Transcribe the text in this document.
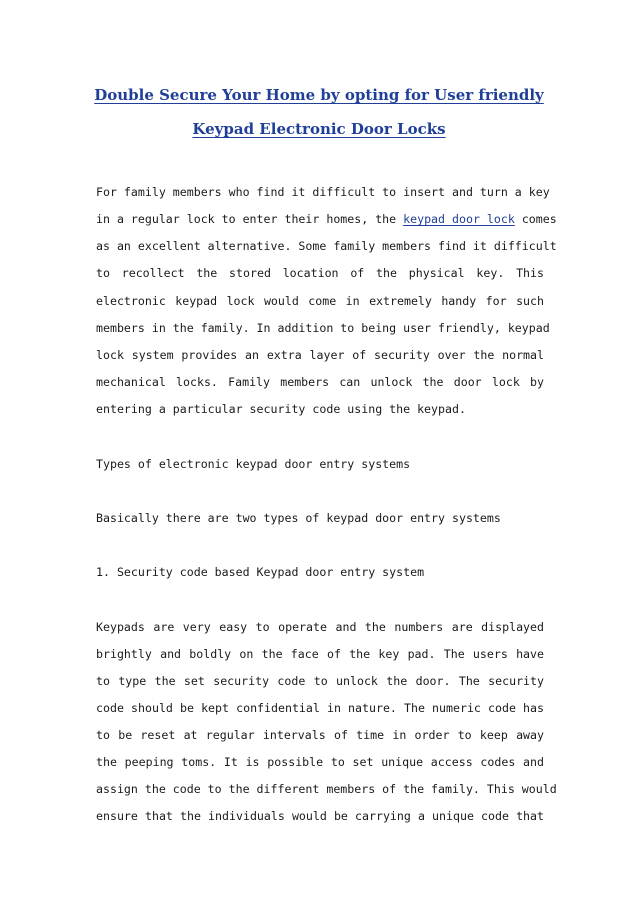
Double Secure Your Home by opting for User friendly
Keypad Electronic Door Locks
For family members who find it difficult to insert and turn a key
in a regular lock to enter their homes, the keypad door lock comes
as an excellent alternative. Some family members find it difficult
to recollect the stored location of the physical key. This
electronic keypad lock would come in extremely handy for such
members in the family. In addition to being user friendly, keypad
lock system provides an extra layer of security over the normal
mechanical locks. Family members can unlock the door lock by
entering a particular security code using the keypad.
Types of electronic keypad door entry systems
Basically there are two types of keypad door entry systems
1. Security code based Keypad door entry system
Keypads are very easy to operate and the numbers are displayed
brightly and boldly on the face of the key pad. The users have
to type the set security code to unlock the door. The security
code should be kept confidential in nature. The numeric code has
to be reset at regular intervals of time in order to keep away
the peeping toms. It is possible to set unique access codes and
assign the code to the different members of the family. This would
ensure that the individuals would be carrying a unique code that
